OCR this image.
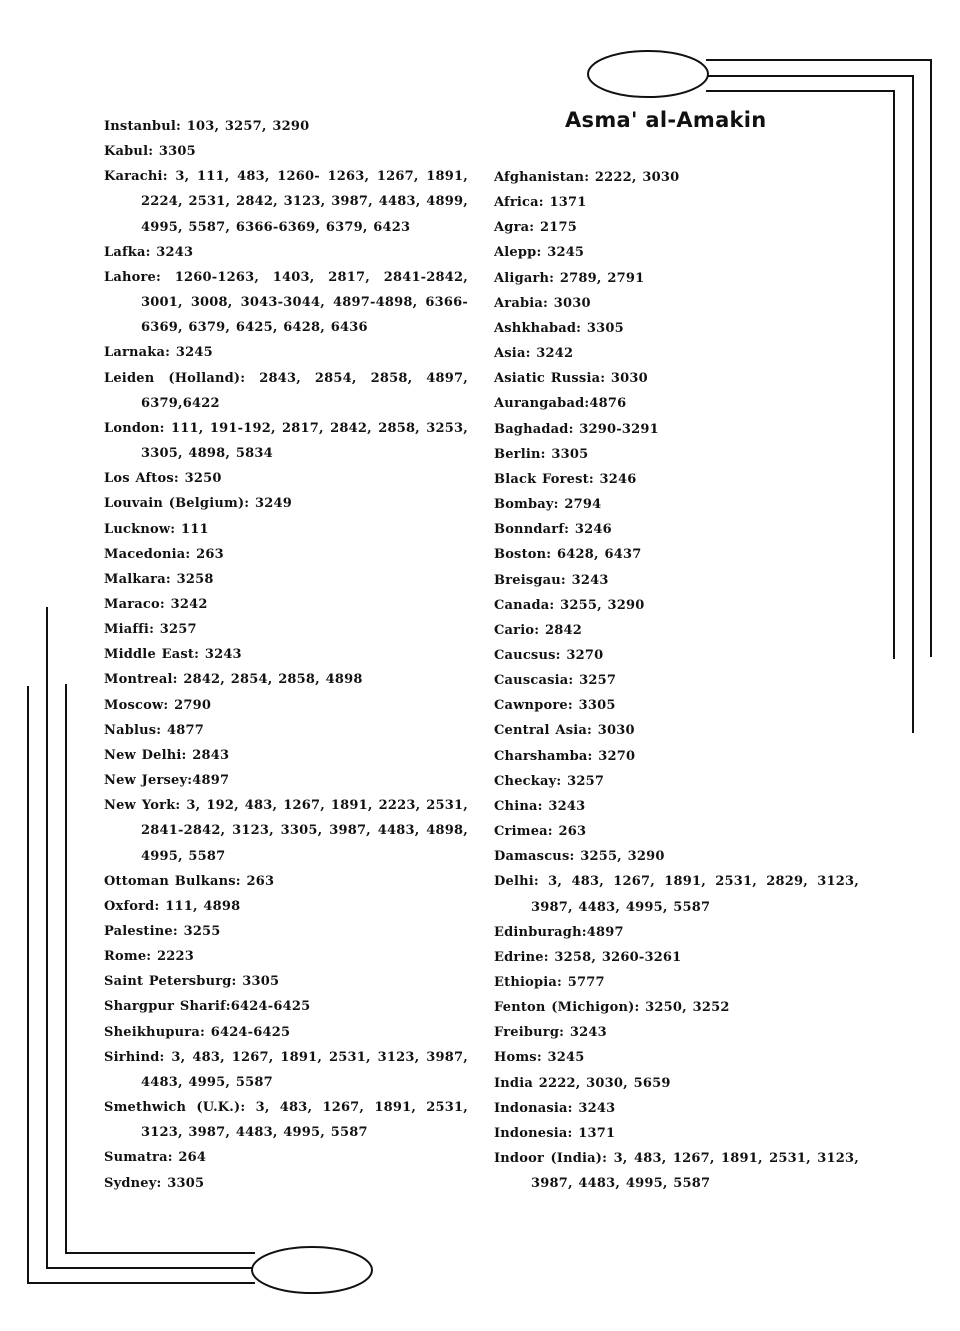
Asma' al-Amakin
Instanbul: 103, 3257, 3290
Kabul: 3305
Karachi: 3, 111, 483, 1260- 1263, 1267, 1891, 2224, 2531, 2842, 3123, 3987, 4483, 4899, 4995, 5587, 6366-6369, 6379, 6423
Lafka: 3243
Lahore: 1260-1263, 1403, 2817, 2841-2842, 3001, 3008, 3043-3044, 4897-4898, 6366-6369, 6379, 6425, 6428, 6436
Larnaka: 3245
Leiden (Holland): 2843, 2854, 2858, 4897, 6379,6422
London: 111, 191-192, 2817, 2842, 2858, 3253, 3305, 4898, 5834
Los Aftos: 3250
Louvain (Belgium): 3249
Lucknow: 111
Macedonia: 263
Malkara: 3258
Maraco: 3242
Miaffi: 3257
Middle East: 3243
Montreal: 2842, 2854, 2858, 4898
Moscow: 2790
Nablus: 4877
New Delhi: 2843
New Jersey:4897
New York: 3, 192, 483, 1267, 1891, 2223, 2531, 2841-2842, 3123, 3305, 3987, 4483, 4898, 4995, 5587
Ottoman Bulkans: 263
Oxford: 111, 4898
Palestine: 3255
Rome: 2223
Saint Petersburg: 3305
Shargpur Sharif:6424-6425
Sheikhupura: 6424-6425
Sirhind: 3, 483, 1267, 1891, 2531, 3123, 3987, 4483, 4995, 5587
Smethwich (U.K.): 3, 483, 1267, 1891, 2531, 3123, 3987, 4483, 4995, 5587
Sumatra: 264
Sydney: 3305
Afghanistan: 2222, 3030
Africa: 1371
Agra: 2175
Alepp: 3245
Aligarh: 2789, 2791
Arabia: 3030
Ashkhabad: 3305
Asia: 3242
Asiatic Russia: 3030
Aurangabad:4876
Baghadad: 3290-3291
Berlin: 3305
Black Forest: 3246
Bombay: 2794
Bonndarf: 3246
Boston: 6428, 6437
Breisgau: 3243
Canada: 3255, 3290
Cario: 2842
Caucsus: 3270
Causcasia: 3257
Cawnpore: 3305
Central Asia: 3030
Charshamba: 3270
Checkay: 3257
China: 3243
Crimea: 263
Damascus: 3255, 3290
Delhi: 3, 483, 1267, 1891, 2531, 2829, 3123, 3987, 4483, 4995, 5587
Edinburagh:4897
Edrine: 3258, 3260-3261
Ethiopia: 5777
Fenton (Michigon): 3250, 3252
Freiburg: 3243
Homs: 3245
India 2222, 3030, 5659
Indonasia: 3243
Indonesia: 1371
Indoor (India): 3, 483, 1267, 1891, 2531, 3123, 3987, 4483, 4995, 5587
